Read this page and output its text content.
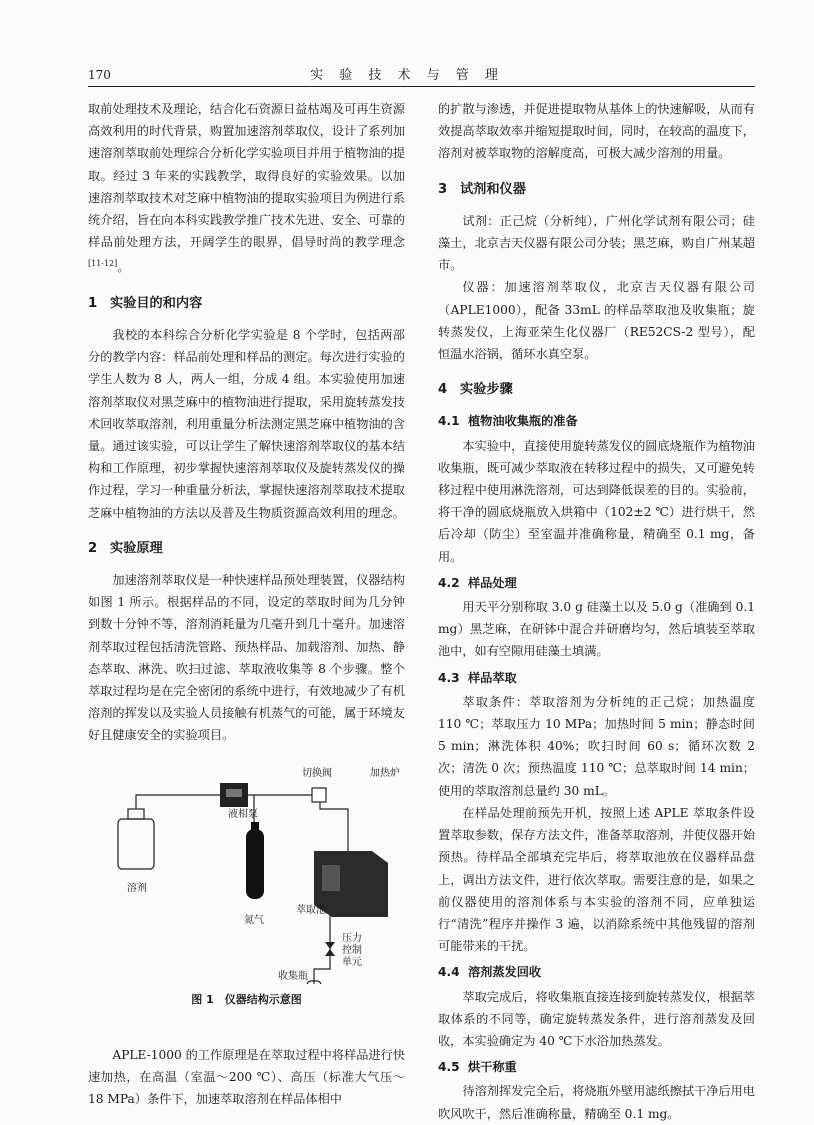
170	实 验 技 术 与 管 理

取前处理技术及理论，结合化石资源日益枯竭及可再生资源高效利用的时代背景，购置加速溶剂萃取仪，设计了系列加速溶剂萃取前处理综合分析化学实验项目并用于植物油的提取。经过 3 年来的实践教学，取得良好的实验效果。以加速溶剂萃取技术对芝麻中植物油的提取实验项目为例进行系统介绍，旨在向本科实践教学推广技术先进、安全、可靠的样品前处理方法，开阔学生的眼界，倡导时尚的教学理念[11-12]。

1 实验目的和内容

我校的本科综合分析化学实验是 8 个学时，包括两部分的教学内容：样品前处理和样品的测定。每次进行实验的学生人数为 8 人，两人一组，分成 4 组。本实验使用加速溶剂萃取仪对黑芝麻中的植物油进行提取，采用旋转蒸发技术回收萃取溶剂，利用重量分析法测定黑芝麻中植物油的含量。通过该实验，可以让学生了解快速溶剂萃取仪的基本结构和工作原理，初步掌握快速溶剂萃取仪及旋转蒸发仪的操作过程，学习一种重量分析法，掌握快速溶剂萃取技术提取芝麻中植物油的方法以及普及生物质资源高效利用的理念。

2 实验原理

加速溶剂萃取仪是一种快速样品预处理装置，仪器结构如图 1 所示。根据样品的不同，设定的萃取时间为几分钟到数十分钟不等，溶剂消耗量为几毫升到几十毫升。加速溶剂萃取过程包括清洗管路、预热样品、加载溶剂、加热、静态萃取、淋洗、吹扫过滤、萃取液收集等 8 个步骤。整个萃取过程均是在完全密闭的系统中进行，有效地减少了有机溶剂的挥发以及实验人员接触有机蒸气的可能，属于环境友好且健康安全的实验项目。

液相泵
切换阀	加热炉
溶剂
萃取池
氮气
压力
控制
单元
收集瓶
图 1　仪器结构示意图

APLE-1000 的工作原理是在萃取过程中将样品进行快速加热，在高温（室温～200 ℃）、高压（标准大气压～18 MPa）条件下，加速萃取溶剂在样品体相中

的扩散与渗透，并促进提取物从基体上的快速解吸，从而有效提高萃取效率并缩短提取时间，同时，在较高的温度下，溶剂对被萃取物的溶解度高，可极大减少溶剂的用量。

3 试剂和仪器

试剂：正己烷（分析纯），广州化学试剂有限公司；硅藻土，北京吉天仪器有限公司分装；黑芝麻，购自广州某超市。

仪器：加速溶剂萃取仪，北京吉天仪器有限公司（APLE1000），配备 33mL 的样品萃取池及收集瓶；旋转蒸发仪，上海亚荣生化仪器厂（RE52CS-2 型号），配恒温水浴锅，循环水真空泵。

4 实验步骤
4.1 植物油收集瓶的准备

本实验中，直接使用旋转蒸发仪的圆底烧瓶作为植物油收集瓶，既可减少萃取液在转移过程中的损失，又可避免转移过程中使用淋洗溶剂，可达到降低误差的目的。实验前，将干净的圆底烧瓶放入烘箱中（102±2 ℃）进行烘干，然后冷却（防尘）至室温并准确称量，精确至 0.1 mg，备用。

4.2 样品处理

用天平分别称取 3.0 g 硅藻土以及 5.0 g（准确到 0.1 mg）黑芝麻，在研钵中混合并研磨均匀，然后填装至萃取池中，如有空隙用硅藻土填满。

4.3 样品萃取

萃取条件：萃取溶剂为分析纯的正己烷；加热温度 110 ℃；萃取压力 10 MPa；加热时间 5 min；静态时间 5 min；淋洗体积 40%；吹扫时间 60 s；循环次数 2 次；清洗 0 次；预热温度 110 ℃；总萃取时间 14 min；使用的萃取溶剂总量约 30 mL。

在样品处理前预先开机，按照上述 APLE 萃取条件设置萃取参数，保存方法文件，准备萃取溶剂，并使仪器开始预热。待样品全部填充完毕后，将萃取池放在仪器样品盘上，调出方法文件，进行依次萃取。需要注意的是，如果之前仪器使用的溶剂体系与本实验的溶剂不同，应单独运行“清洗”程序并操作 3 遍，以消除系统中其他残留的溶剂可能带来的干扰。

4.4 溶剂蒸发回收

萃取完成后，将收集瓶直接连接到旋转蒸发仪，根据萃取体系的不同等，确定旋转蒸发条件，进行溶剂蒸发及回收，本实验确定为 40 ℃下水浴加热蒸发。

4.5 烘干称重

待溶剂挥发完全后，将烧瓶外壁用滤纸擦拭干净后用电吹风吹干，然后准确称量，精确至 0.1 mg。
